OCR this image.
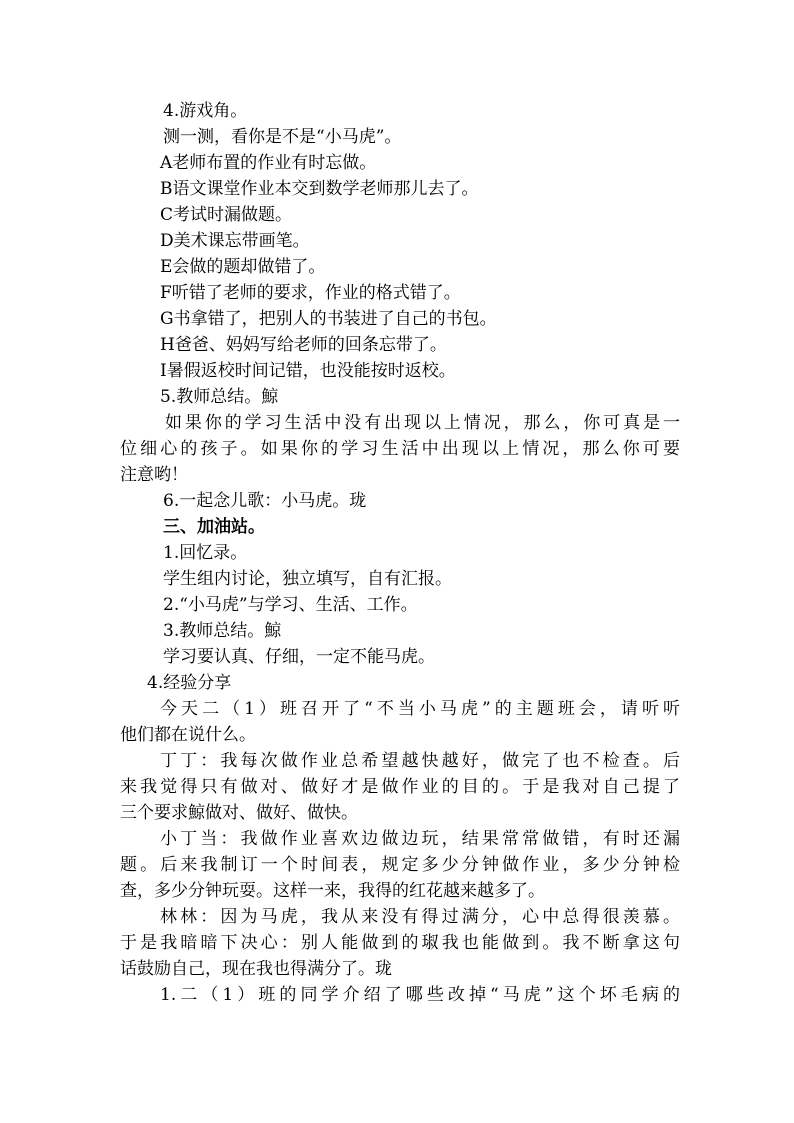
4.游戏角。
测一测，看你是不是“小马虎”。
A老师布置的作业有时忘做。
B语文课堂作业本交到数学老师那儿去了。
C考试时漏做题。
D美术课忘带画笔。
E会做的题却做错了。
F听错了老师的要求，作业的格式错了。
G书拿错了，把别人的书装进了自己的书包。
H爸爸、妈妈写给老师的回条忘带了。
I暑假返校时间记错，也没能按时返校。
5.教师总结。鯨
如果你的学习生活中没有出现以上情况，那么，你可真是一
位细心的孩子。如果你的学习生活中出现以上情况，那么你可要
注意哟！
6.一起念儿歌：小马虎。珑
三、加油站。
1.回忆录。
学生组内讨论，独立填写，自有汇报。
2.“小马虎”与学习、生活、工作。
3.教师总结。鯨
学习要认真、仔细，一定不能马虎。
4.经验分享
今天二（1）班召开了“不当小马虎”的主题班会，请听听
他们都在说什么。
丁丁：我每次做作业总希望越快越好，做完了也不检查。后
来我觉得只有做对、做好才是做作业的目的。于是我对自己提了
三个要求鯨做对、做好、做快。
小丁当：我做作业喜欢边做边玩，结果常常做错，有时还漏
题。后来我制订一个时间表，规定多少分钟做作业，多少分钟检
查，多少分钟玩耍。这样一来，我得的红花越来越多了。
林林：因为马虎，我从来没有得过满分，心中总得很羡慕。
于是我暗暗下决心：别人能做到的琡我也能做到。我不断拿这句
话鼓励自己，现在我也得满分了。珑
1.二（1）班的同学介绍了哪些改掉“马虎”这个坏毛病的
